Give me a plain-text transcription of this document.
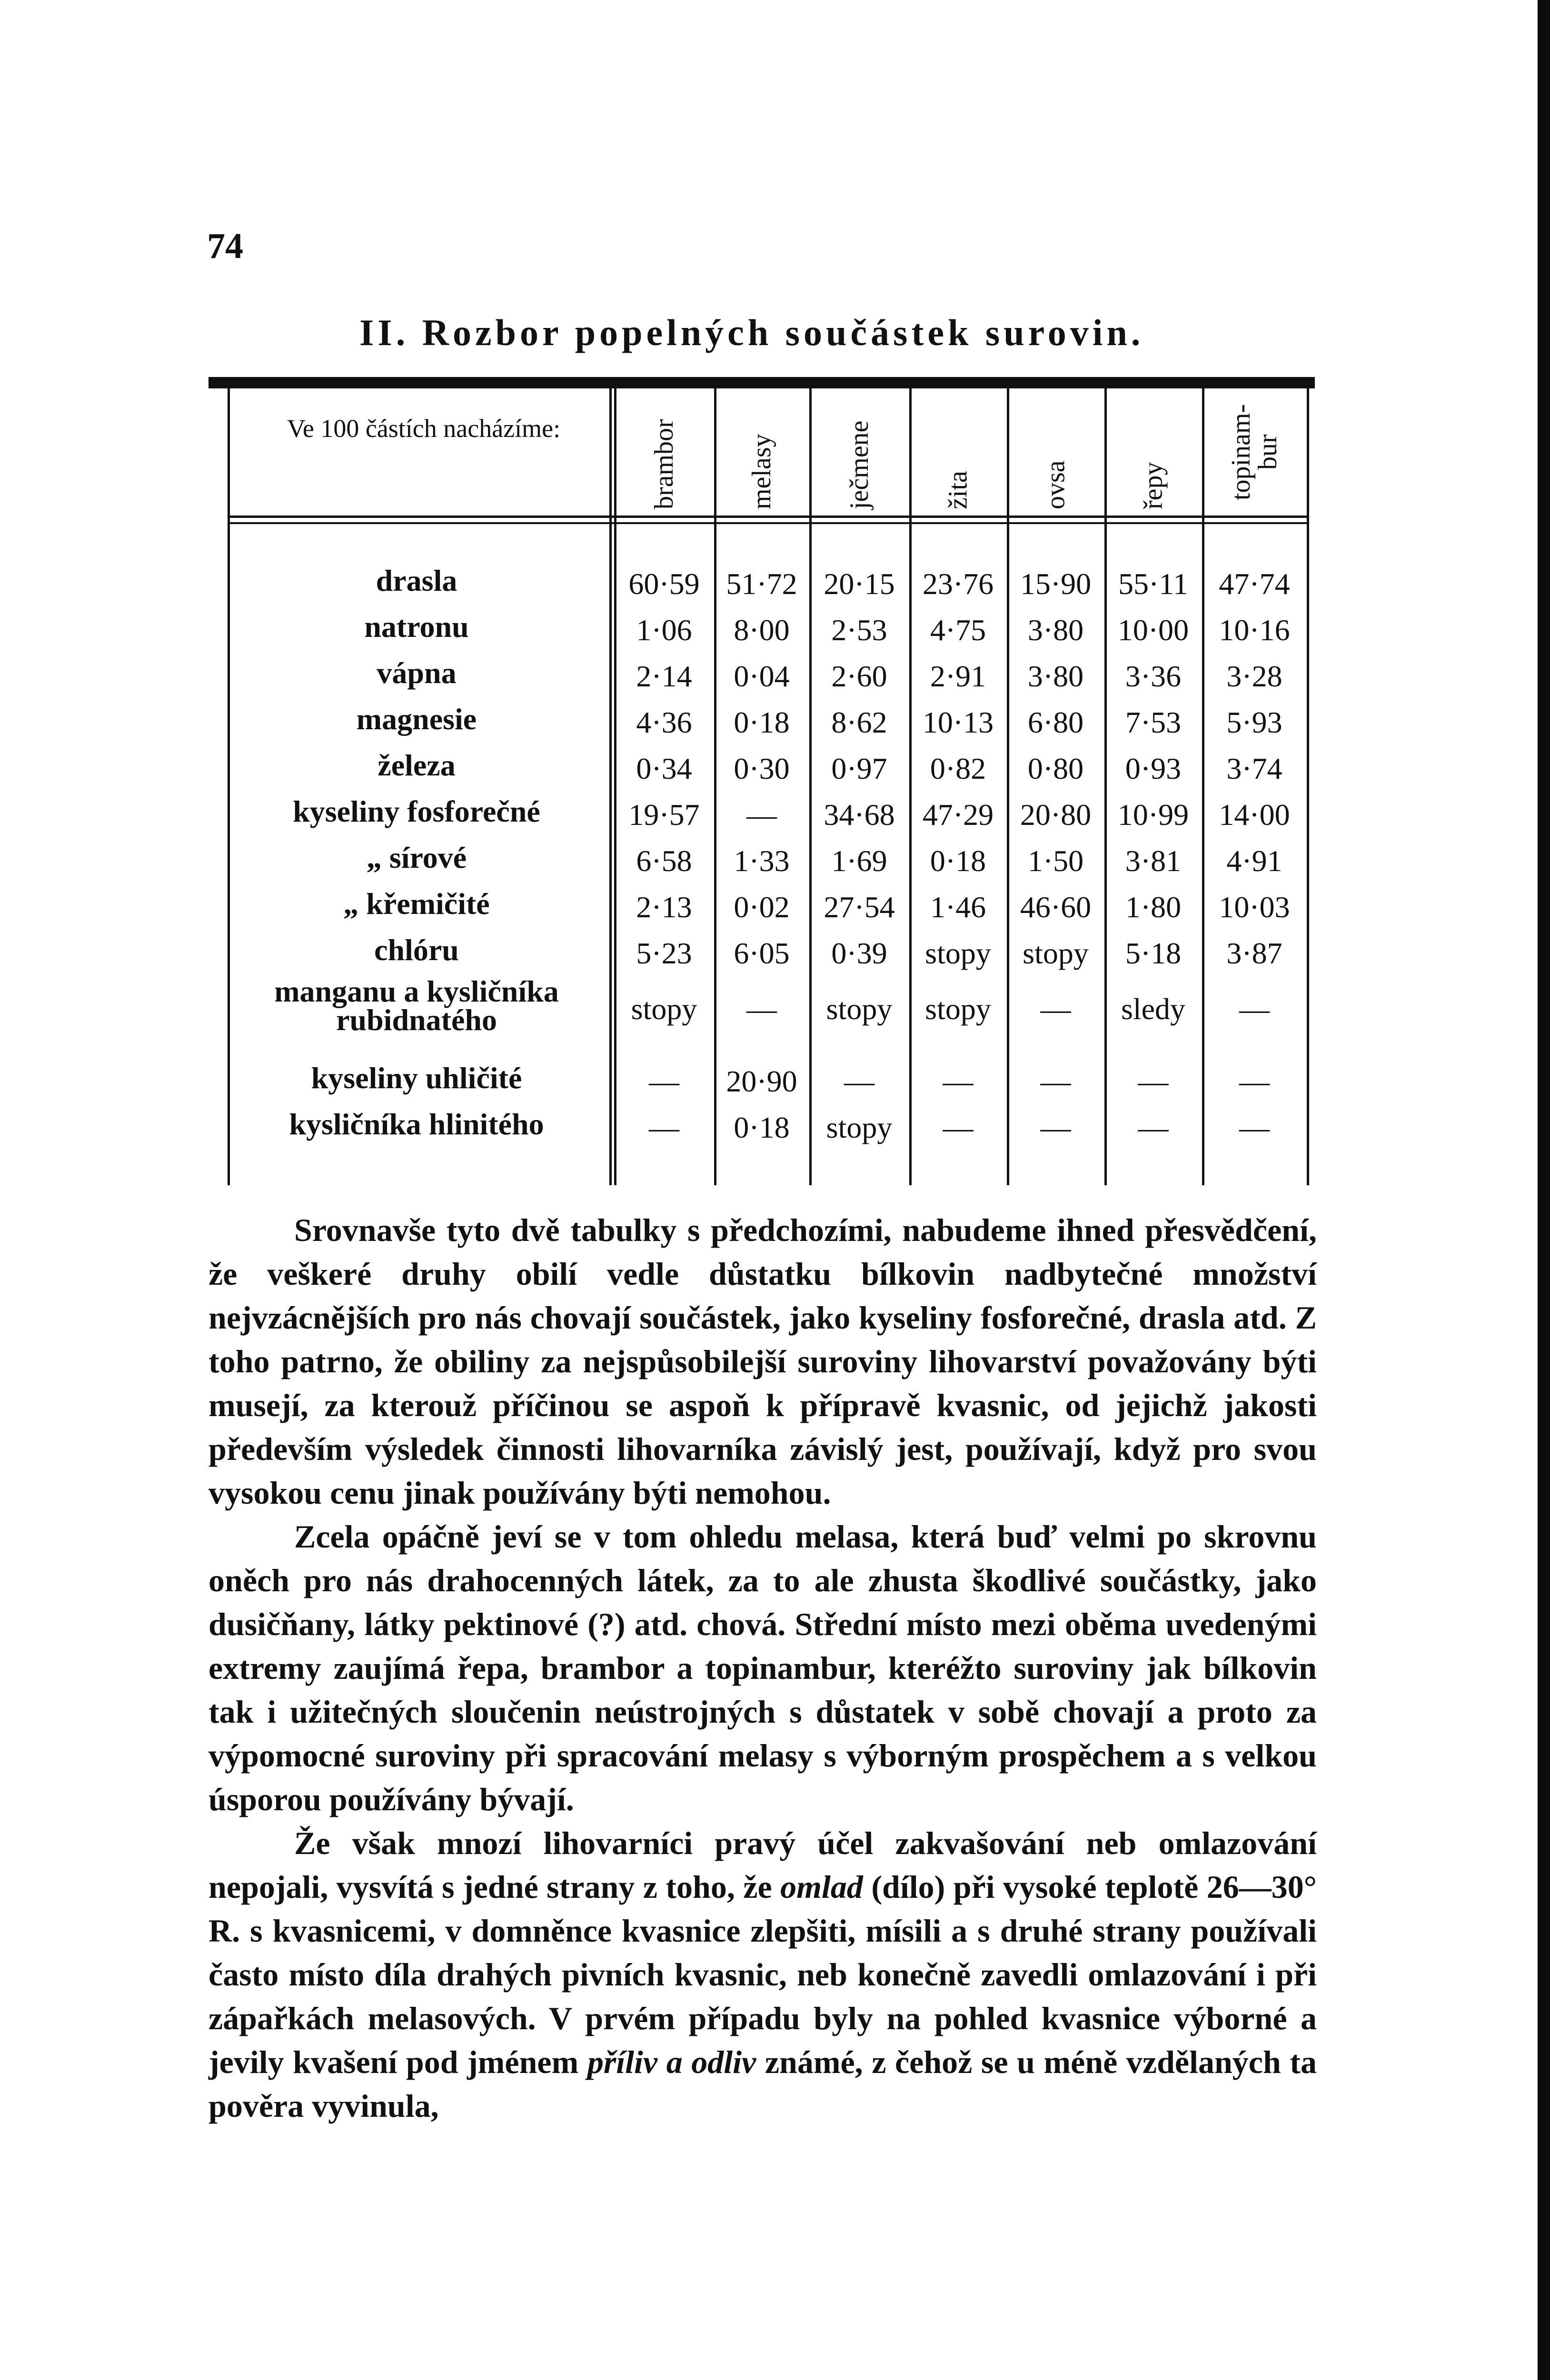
74
II. Rozbor popelných součástek surovin.
Ve 100 částích nacházíme:	brambor	melasy	ječmene	žita	ovsa	řepy	topinam-bur
drasla	60·59 51·72 20·15 23·76 15·90 55·11	47·74
natronu	1·06	8·00	2·53	4·75	3·80	10·00 10·16
vápna	2·14	0·04	2·60	2·91	3·80	3·36	3·28
magnesie	4·36	0·18	8·62	10·13	6·80	7·53	5·93
železa	0·34	0·30	0·97	0·82	0·80	0·93	3·74
kyseliny fosforečné	19·57	—	34·68 47·29 20·80 10·99 14·00
„ sírové	6·58	1·33	1·69	0·18	1·50	3·81	4·91
„ křemičité	2·13	0·02	27·54	1·46	46·60	1·80	10·03
chlóru	5·23	6·05	0·39	stopy	stopy	5·18	3·87
manganu a kysličníka rubidnatého	stopy	—	stopy	stopy	—	sledy	—
kyseliny uhličité	—	20·90	—	—	—	—	—
kysličníka hlinitého	—	0·18	stopy	—	—	—	—

Srovnavše tyto dvě tabulky s předchozími, nabudeme ihned přesvědčení, že veškeré druhy obilí vedle důstatku bílkovin nadbytečné množství nejvzácnějších pro nás chovají součástek, jako kyseliny fosforečné, drasla atd. Z toho patrno, že obiliny za nejspůsobilejší suroviny lihovarství považovány býti musejí, za kterouž příčinou se aspoň k přípravě kvasnic, od jejichž jakosti především výsledek činnosti lihovarníka závislý jest, používají, když pro svou vysokou cenu jinak používány býti nemohou.

Zcela opáčně jeví se v tom ohledu melasa, která buď velmi po skrovnu oněch pro nás drahocenných látek, za to ale zhusta škodlivé součástky, jako dusičňany, látky pektinové (?) atd. chová. Střední místo mezi oběma uvedenými extremy zaujímá řepa, brambor a topinambur, kteréžto suroviny jak bílkovin tak i užitečných sloučenin neústrojných s důstatek v sobě chovají a proto za výpomocné suroviny při spracování melasy s výborným prospěchem a s velkou úsporou používány bývají.

Že však mnozí lihovarníci pravý účel zakvašování neb omlazování nepojali, vysvítá s jedné strany z toho, že omlad (dílo) při vysoké teplotě 26—30° R. s kvasnicemi, v domněnce kvasnice zlepšiti, mísili a s druhé strany používali často místo díla drahých pivních kvasnic, neb konečně zavedli omlazování i při zápařkách melasových. V prvém případu byly na pohled kvasnice výborné a jevily kvašení pod jménem příliv a odliv známé, z čehož se u méně vzdělaných ta pověra vyvinula,
